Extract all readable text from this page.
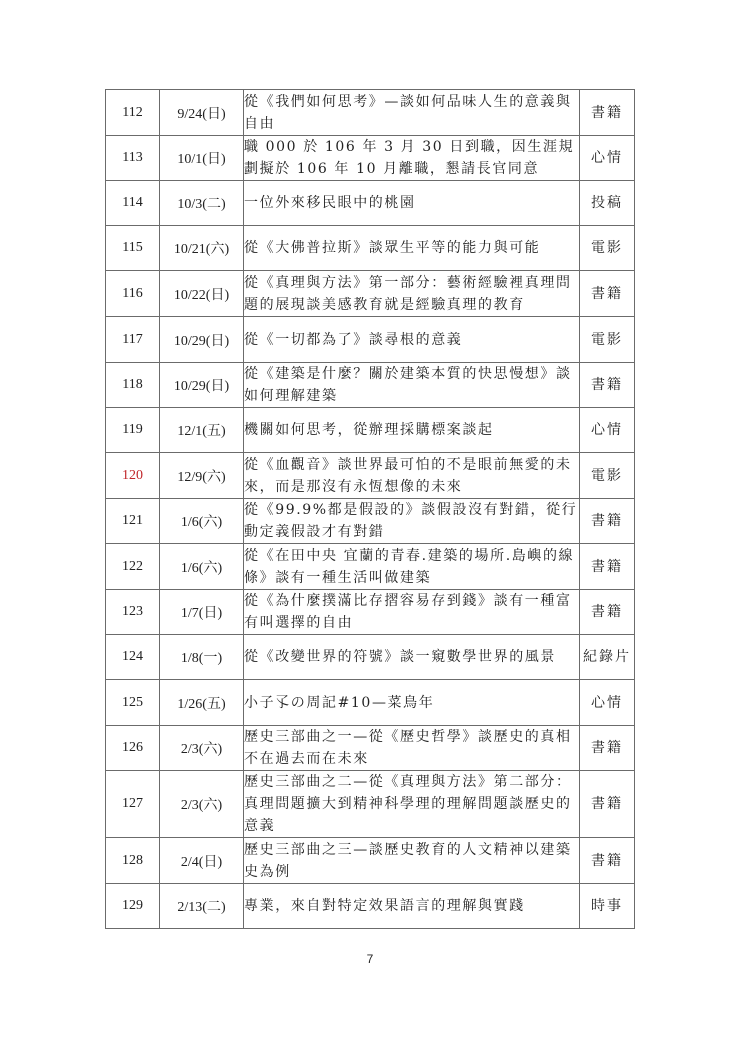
112	9/24(日)	從《我們如何思考》—談如何品味人生的意義與自由	書籍
113	10/1(日)	職 000 於 106 年 3 月 30 日到職，因生涯規劃擬於 106 年 10 月離職，懇請長官同意	心情
114	10/3(二)	一位外來移民眼中的桃園	投稿
115	10/21(六)	從《大佛普拉斯》談眾生平等的能力與可能	電影
116	10/22(日)	從《真理與方法》第一部分：藝術經驗裡真理問題的展現談美感教育就是經驗真理的教育	書籍
117	10/29(日)	從《一切都為了》談尋根的意義	電影
118	10/29(日)	從《建築是什麼？關於建築本質的快思慢想》談如何理解建築	書籍
119	12/1(五)	機關如何思考，從辦理採購標案談起	心情
120	12/9(六)	從《血觀音》談世界最可怕的不是眼前無愛的未來，而是那沒有永恆想像的未來	電影
121	1/6(六)	從《99.9%都是假設的》談假設沒有對錯，從行動定義假設才有對錯	書籍
122	1/6(六)	從《在田中央 宜蘭的青春.建築的場所.島嶼的線條》談有一種生活叫做建築	書籍
123	1/7(日)	從《為什麼撲滿比存摺容易存到錢》談有一種富有叫選擇的自由	書籍
124	1/8(一)	從《改變世界的符號》談一窺數學世界的風景	紀錄片
125	1/26(五)	小子孓の周記#10—菜鳥年	心情
126	2/3(六)	歷史三部曲之一—從《歷史哲學》談歷史的真相不在過去而在未來	書籍
127	2/3(六)	歷史三部曲之二—從《真理與方法》第二部分：真理問題擴大到精神科學理的理解問題談歷史的意義	書籍
128	2/4(日)	歷史三部曲之三—談歷史教育的人文精神以建築史為例	書籍
129	2/13(二)	專業，來自對特定效果語言的理解與實踐	時事
7
